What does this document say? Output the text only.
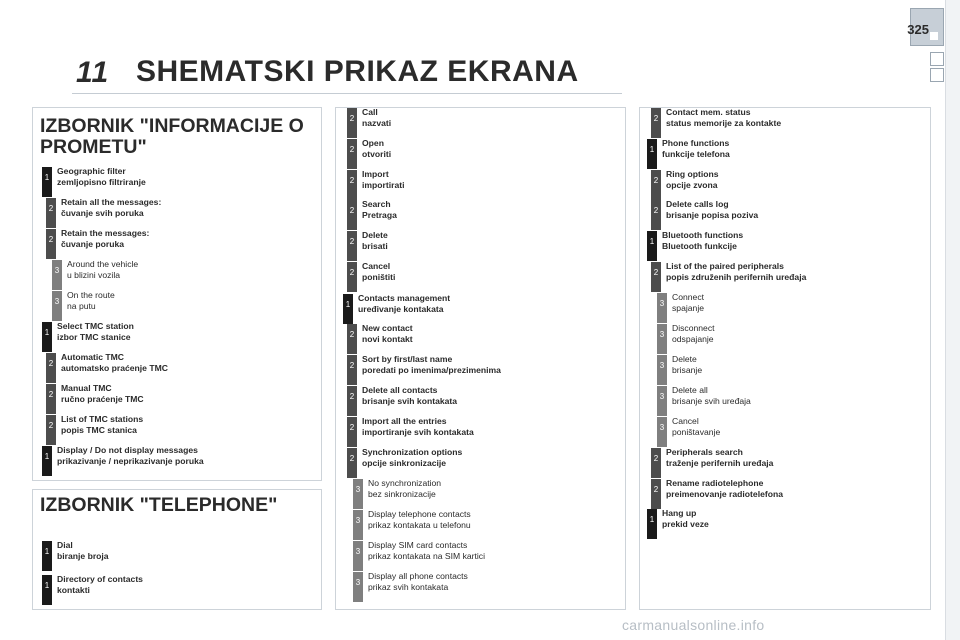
325
11 SHEMATSKI PRIKAZ EKRANA
IZBORNIK "INFORMACIJE O
PROMETU"
IZBORNIK "TELEPHONE"
1
Geographic filter
zemljopisno filtriranje
2
Retain all the messages:
čuvanje svih poruka
2
Retain the messages:
čuvanje poruka
3
Around the vehicle
u blizini vozila
3
On the route
na putu
1
Select TMC station
izbor TMC stanice
2
Automatic TMC
automatsko praćenje TMC
2
Manual TMC
ručno praćenje TMC
2
List of TMC stations
popis TMC stanica
1
Display / Do not display messages
prikazivanje / neprikazivanje poruka
1
Dial
biranje broja
1
Directory of contacts
kontakti
2
Call
nazvati
2
Open
otvoriti
2
Import
importirati
2
Search
Pretraga
2
Delete
brisati
2
Cancel
poništiti
1
Contacts management
uređivanje kontakata
2
New contact
novi kontakt
2
Sort by first/last name
poredati po imenima/prezimenima
2
Delete all contacts
brisanje svih kontakata
2
Import all the entries
importiranje svih kontakata
2
Synchronization options
opcije sinkronizacije
3
No synchronization
bez sinkronizacije
3
Display telephone contacts
prikaz kontakata u telefonu
3
Display SIM card contacts
prikaz kontakata na SIM kartici
3
Display all phone contacts
prikaz svih kontakata
2
Contact mem. status
status memorije za kontakte
1
Phone functions
funkcije telefona
2
Ring options
opcije zvona
2
Delete calls log
brisanje popisa poziva
1
Bluetooth functions
Bluetooth funkcije
2
List of the paired peripherals
popis združenih perifernih uređaja
3
Connect
spajanje
3
Disconnect
odspajanje
3
Delete
brisanje
3
Delete all
brisanje svih uređaja
3
Cancel
poništavanje
2
Peripherals search
traženje perifernih uređaja
2
Rename radiotelephone
preimenovanje radiotelefona
1
Hang up
prekid veze
carmanualsonline.info
